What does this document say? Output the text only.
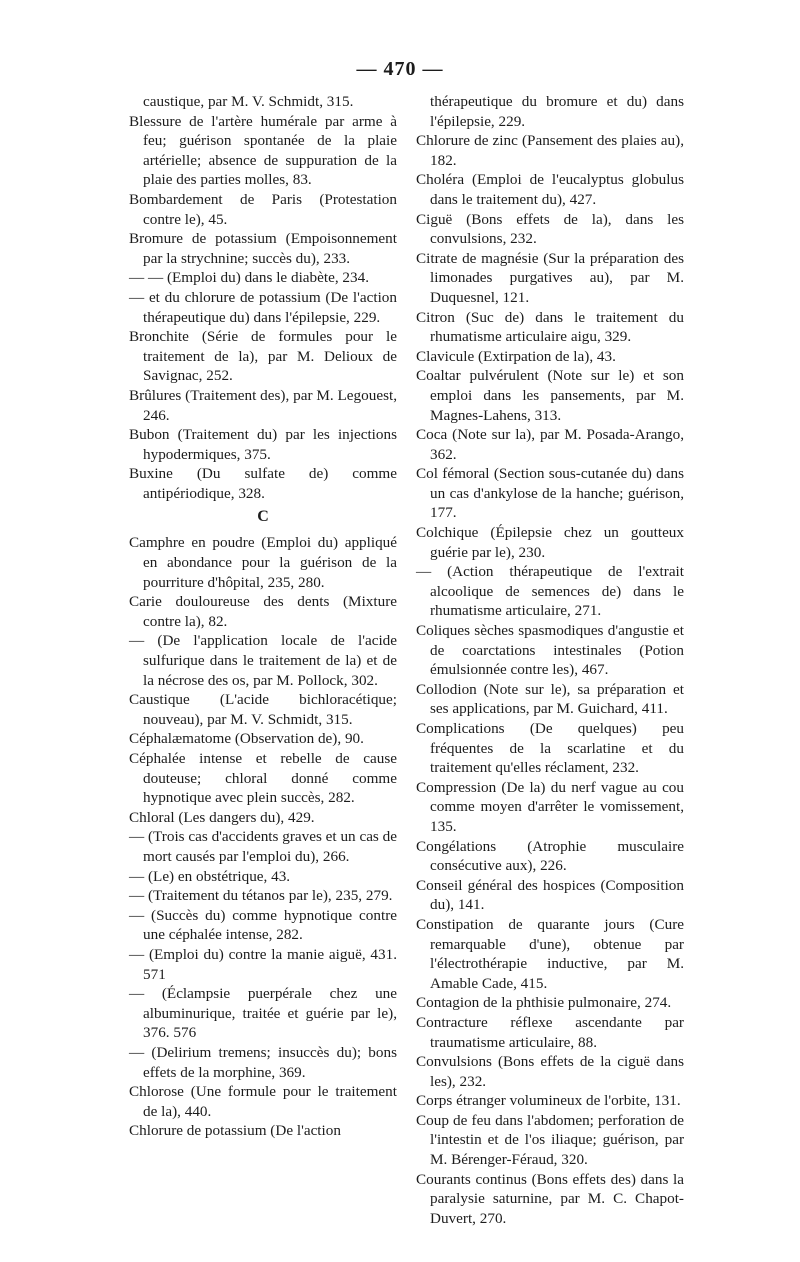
— 470 —

caustique, par M. V. Schmidt, 315.

Blessure de l'artère humérale par arme à feu; guérison spontanée de la plaie artérielle; absence de suppuration de la plaie des parties molles, 83.

Bombardement de Paris (Protestation contre le), 45.

Bromure de potassium (Empoisonnement par la strychnine; succès du), 233.

— — (Emploi du) dans le diabète, 234.

— et du chlorure de potassium (De l'action thérapeutique du) dans l'épilepsie, 229.

Bronchite (Série de formules pour le traitement de la), par M. Delioux de Savignac, 252.

Brûlures (Traitement des), par M. Legouest, 246.

Bubon (Traitement du) par les injections hypodermiques, 375.

Buxine (Du sulfate de) comme antipériodique, 328.

C

Camphre en poudre (Emploi du) appliqué en abondance pour la guérison de la pourriture d'hôpital, 235, 280.

Carie douloureuse des dents (Mixture contre la), 82.

— (De l'application locale de l'acide sulfurique dans le traitement de la) et de la nécrose des os, par M. Pollock, 302.

Caustique (L'acide bichloracétique; nouveau), par M. V. Schmidt, 315.

Céphalæmatome (Observation de), 90.

Céphalée intense et rebelle de cause douteuse; chloral donné comme hypnotique avec plein succès, 282.

Chloral (Les dangers du), 429.

— (Trois cas d'accidents graves et un cas de mort causés par l'emploi du), 266.

— (Le) en obstétrique, 43.

— (Traitement du tétanos par le), 235, 279.

— (Succès du) comme hypnotique contre une céphalée intense, 282.

— (Emploi du) contre la manie aiguë, 431. 571

— (Éclampsie puerpérale chez une albuminurique, traitée et guérie par le), 376. 576

— (Delirium tremens; insuccès du); bons effets de la morphine, 369.

Chlorose (Une formule pour le traitement de la), 440.

Chlorure de potassium (De l'action

thérapeutique du bromure et du) dans l'épilepsie, 229.

Chlorure de zinc (Pansement des plaies au), 182.

Choléra (Emploi de l'eucalyptus globulus dans le traitement du), 427.

Ciguë (Bons effets de la), dans les convulsions, 232.

Citrate de magnésie (Sur la préparation des limonades purgatives au), par M. Duquesnel, 121.

Citron (Suc de) dans le traitement du rhumatisme articulaire aigu, 329.

Clavicule (Extirpation de la), 43.

Coaltar pulvérulent (Note sur le) et son emploi dans les pansements, par M. Magnes-Lahens, 313.

Coca (Note sur la), par M. Posada-Arango, 362.

Col fémoral (Section sous-cutanée du) dans un cas d'ankylose de la hanche; guérison, 177.

Colchique (Épilepsie chez un goutteux guérie par le), 230.

— (Action thérapeutique de l'extrait alcoolique de semences de) dans le rhumatisme articulaire, 271.

Coliques sèches spasmodiques d'angustie et de coarctations intestinales (Potion émulsionnée contre les), 467.

Collodion (Note sur le), sa préparation et ses applications, par M. Guichard, 411.

Complications (De quelques) peu fréquentes de la scarlatine et du traitement qu'elles réclament, 232.

Compression (De la) du nerf vague au cou comme moyen d'arrêter le vomissement, 135.

Congélations (Atrophie musculaire consécutive aux), 226.

Conseil général des hospices (Composition du), 141.

Constipation de quarante jours (Cure remarquable d'une), obtenue par l'électrothérapie inductive, par M. Amable Cade, 415.

Contagion de la phthisie pulmonaire, 274.

Contracture réflexe ascendante par traumatisme articulaire, 88.

Convulsions (Bons effets de la ciguë dans les), 232.

Corps étranger volumineux de l'orbite, 131.

Coup de feu dans l'abdomen; perforation de l'intestin et de l'os iliaque; guérison, par M. Bérenger-Féraud, 320.

Courants continus (Bons effets des) dans la paralysie saturnine, par M. C. Chapot-Duvert, 270.
